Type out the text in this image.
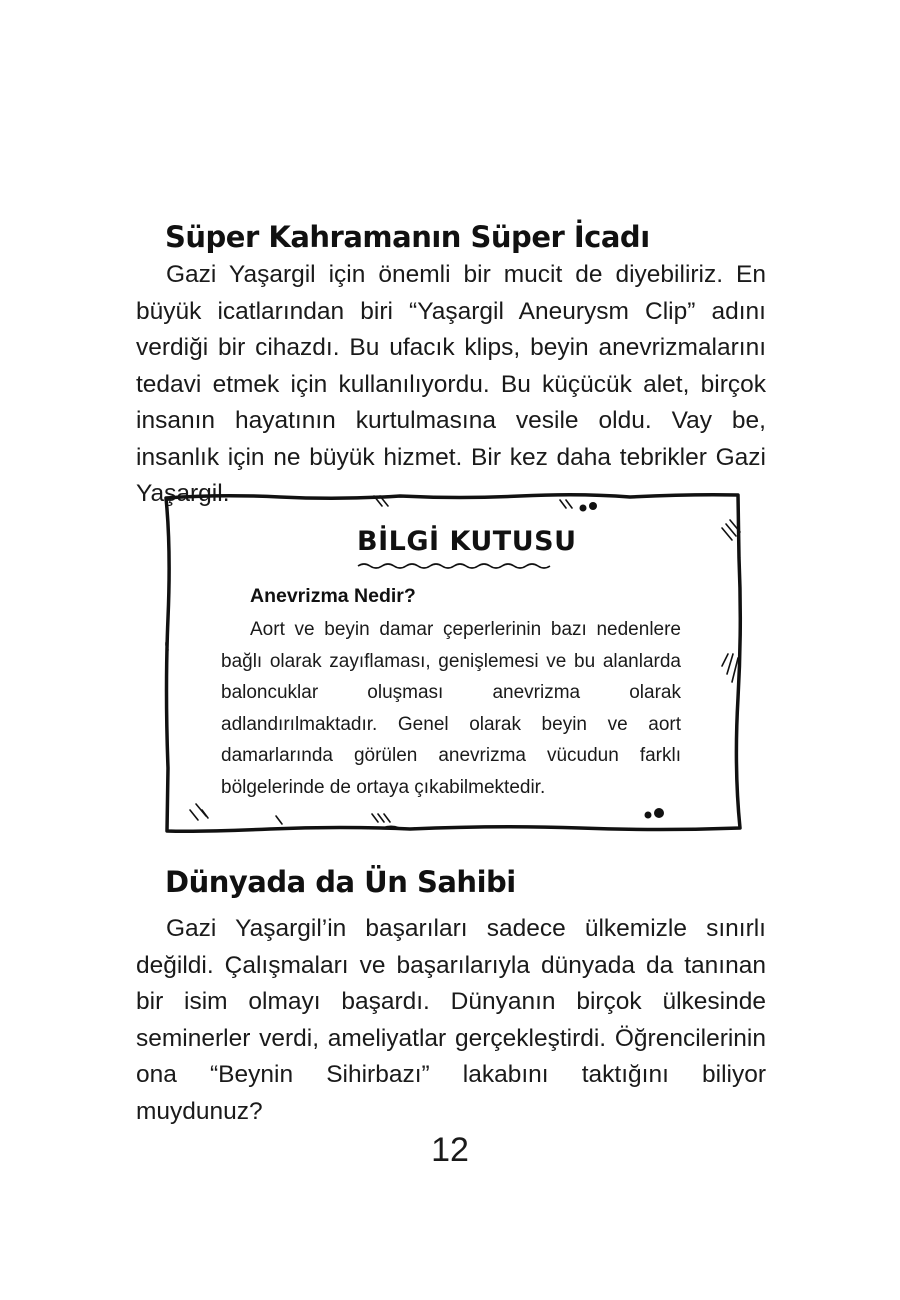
Süper Kahramanın Süper İcadı

Gazi Yaşargil için önemli bir mucit de diyebiliriz. En büyük icatlarından biri “Yaşargil Aneurysm Clip” adını verdiği bir cihazdı. Bu ufacık klips, beyin anevrizmalarını tedavi etmek için kullanılıyordu. Bu küçücük alet, birçok insanın hayatının kurtulmasına vesile oldu. Vay be, insanlık için ne büyük hizmet. Bir kez daha tebrikler Gazi Yaşargil.

BİLGİ KUTUSU
Anevrizma Nedir?

Aort ve beyin damar çeperlerinin bazı nedenlere bağlı olarak zayıflaması, genişlemesi ve bu alanlarda baloncuklar oluşması anevrizma olarak adlandırılmaktadır. Genel olarak beyin ve aort damarlarında görülen anevrizma vücudun farklı bölgelerinde de ortaya çıkabilmektedir.

Dünyada da Ün Sahibi

Gazi Yaşargil’in başarıları sadece ülkemizle sınırlı değildi. Çalışmaları ve başarılarıyla dünyada da tanınan bir isim olmayı başardı. Dünyanın birçok ülkesinde seminerler verdi, ameliyatlar gerçekleştirdi. Öğrencilerinin ona “Beynin Sihirbazı” lakabını taktığını biliyor muydunuz?

12
